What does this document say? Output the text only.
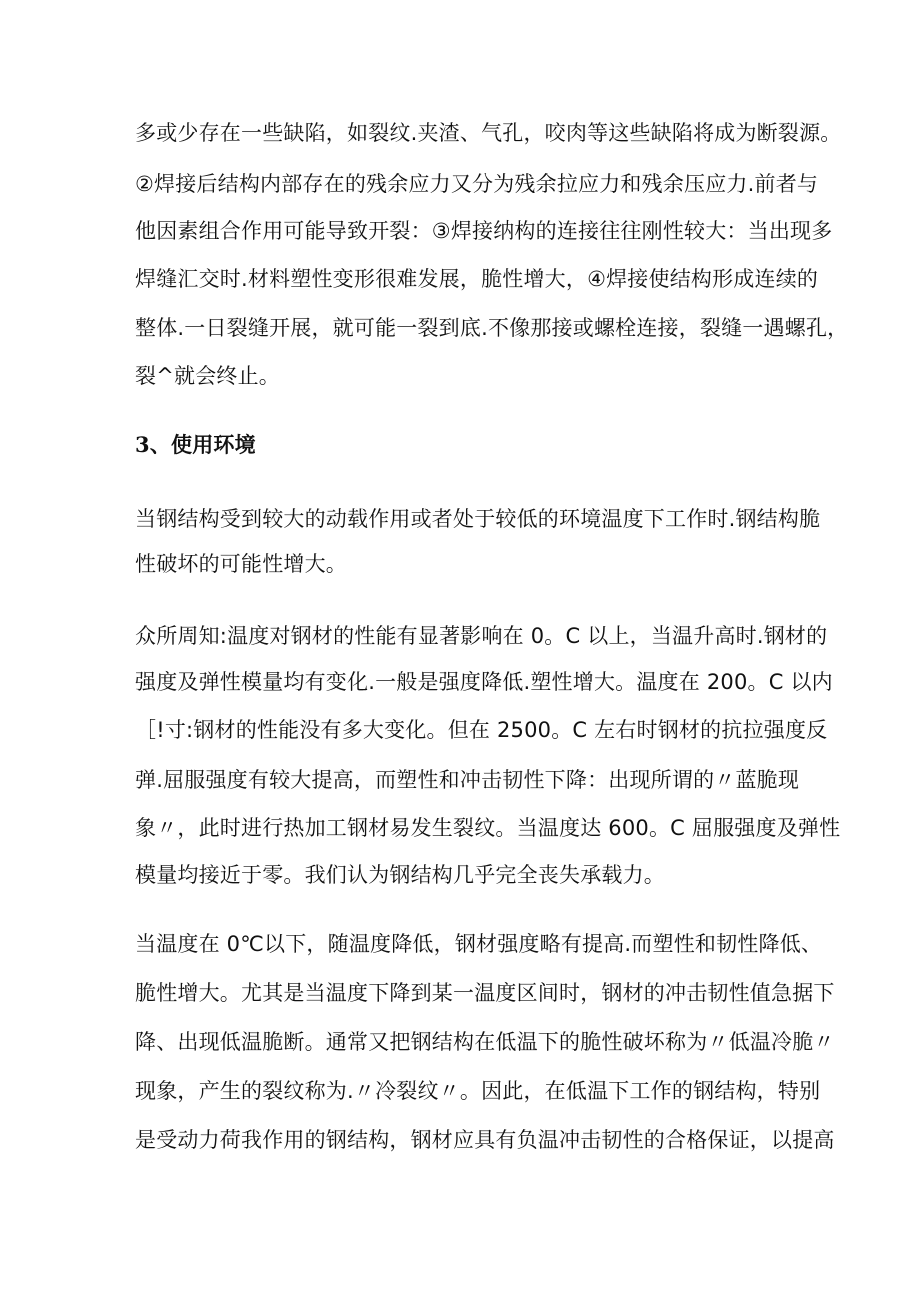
多或少存在一些缺陷，如裂纹.夹渣、气孔，咬肉等这些缺陷将成为断裂源。
②焊接后结构内部存在的残余应力又分为残余拉应力和残余压应力.前者与
他因素组合作用可能导致开裂：③焊接纳构的连接往往刚性较大：当出现多
焊缝汇交时.材料塑性变形很难发展，脆性增大，④焊接使结构形成连续的
整体.一日裂缝开展，就可能一裂到底.不像那接或螺栓连接，裂缝一遇螺孔，
裂^就会终止。
3、使用环境
当钢结构受到较大的动载作用或者处于较低的环境温度下工作时.钢结构脆
性破坏的可能性增大。
众所周知:温度对钢材的性能有显著影响在 0。C 以上，当温升高时.钢材的
强度及弹性模量均有变化.一般是强度降低.塑性增大。温度在 200。C 以内
［!寸:钢材的性能没有多大变化。但在 2500。C 左右时钢材的抗拉强度反
弹.屈服强度有较大提高，而塑性和冲击韧性下降：出现所谓的〃蓝脆现
象〃，此时进行热加工钢材易发生裂纹。当温度达 600。C 屈服强度及弹性
模量均接近于零。我们认为钢结构几乎完全丧失承载力。
当温度在 0℃以下，随温度降低，钢材强度略有提高.而塑性和韧性降低、
脆性增大。尤其是当温度下降到某一温度区间时，钢材的冲击韧性值急据下
降、出现低温脆断。通常又把钢结构在低温下的脆性破坏称为〃低温冷脆〃
现象，产生的裂纹称为.〃冷裂纹〃。因此，在低温下工作的钢结构，特别
是受动力荷我作用的钢结构，钢材应具有负温冲击韧性的合格保证，以提高
